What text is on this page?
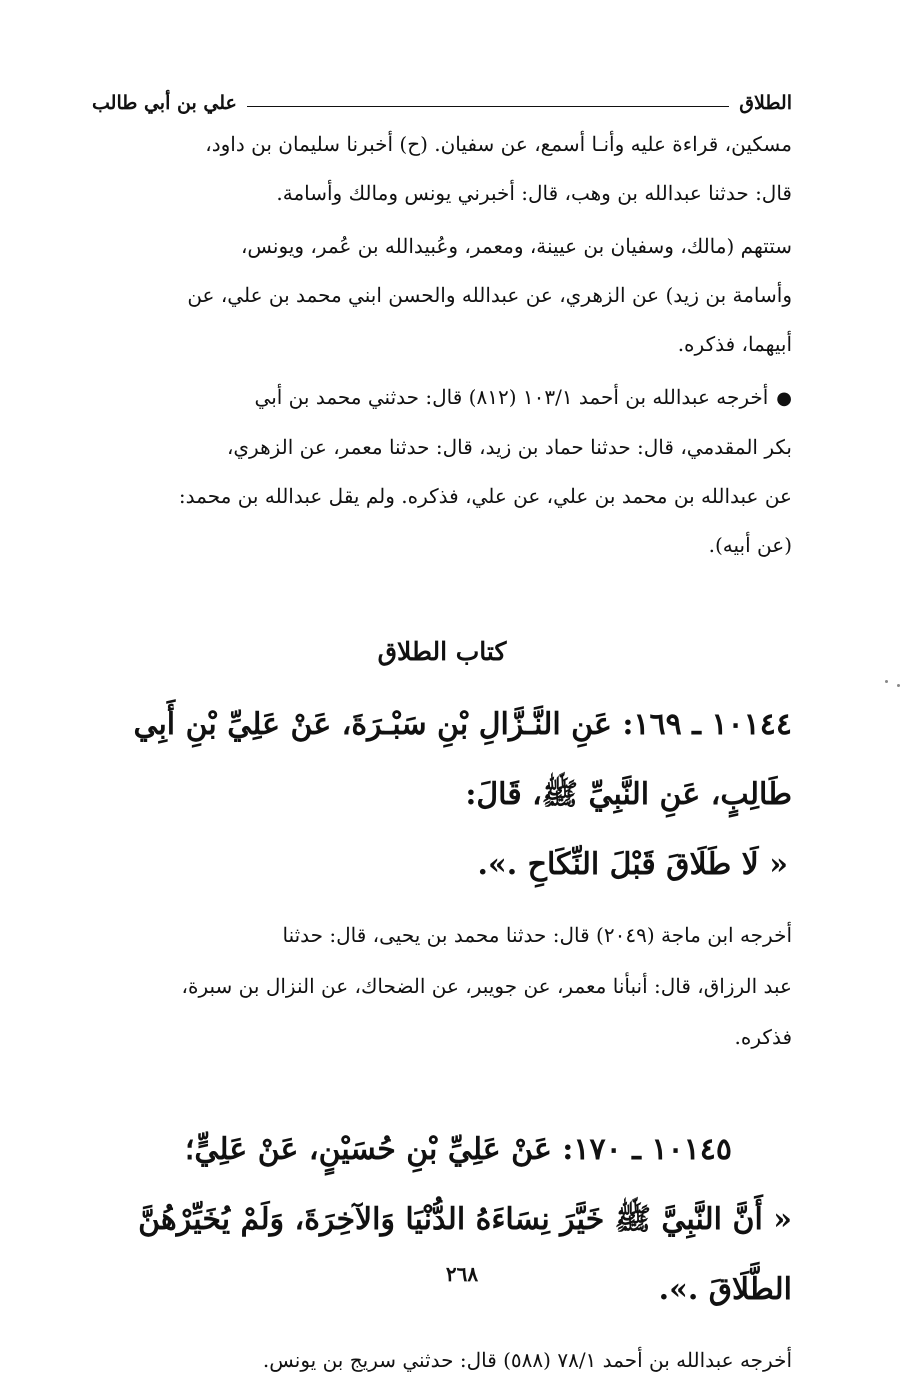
الطلاق
علي بن أبي طالب

مسكين، قراءة عليه وأنـا أسمع، عن سفيان. (ح) أخبرنا سليمان بن داود،

قال: حدثنا عبدالله بن وهب، قال: أخبرني يونس ومالك وأسامة.

ستتهم (مالك، وسفيان بن عيينة، ومعمر، وعُبيدالله بن عُمر، ويونس،

وأسامة بن زيد) عن الزهري، عن عبدالله والحسن ابني محمد بن علي، عن

أبيهما، فذكره.

●أخرجه عبدالله بن أحمد ١٠٣/١ (٨١٢) قال: حدثني محمد بن أبي

بكر المقدمي، قال: حدثنا حماد بن زيد، قال: حدثنا معمر، عن الزهري،

عن عبدالله بن محمد بن علي، عن علي، فذكره. ولم يقل عبدالله بن محمد:

(عن أبيه).

كتاب الطلاق

١٠١٤٤ ـ ١٦٩: عَنِ النَّـزَّالِ بْنِ سَبْـرَةَ، عَنْ عَلِيِّ بْنِ أَبِي

طَالِبٍ، عَنِ النَّبِيِّ ﷺ، قَالَ:

« لَا طَلَاقَ قَبْلَ النِّكَاحِ .».

أخرجه ابن ماجة (٢٠٤٩) قال: حدثنا محمد بن يحيى، قال: حدثنا

عبد الرزاق، قال: أنبأنا معمر، عن جويبر، عن الضحاك، عن النزال بن سبرة،

فذكره.

١٠١٤٥ ـ ١٧٠: عَنْ عَلِيِّ بْنِ حُسَيْنٍ، عَنْ عَلِيٍّ؛

« أَنَّ النَّبِيَّ ﷺ خَيَّرَ نِسَاءَهُ الدُّنْيَا وَالآخِرَةَ، وَلَمْ يُخَيِّرْهُنَّ

الطَّلَاقَ .».

أخرجه عبدالله بن أحمد ٧٨/١ (٥٨٨) قال: حدثني سريج بن يونس.

٢٦٨
